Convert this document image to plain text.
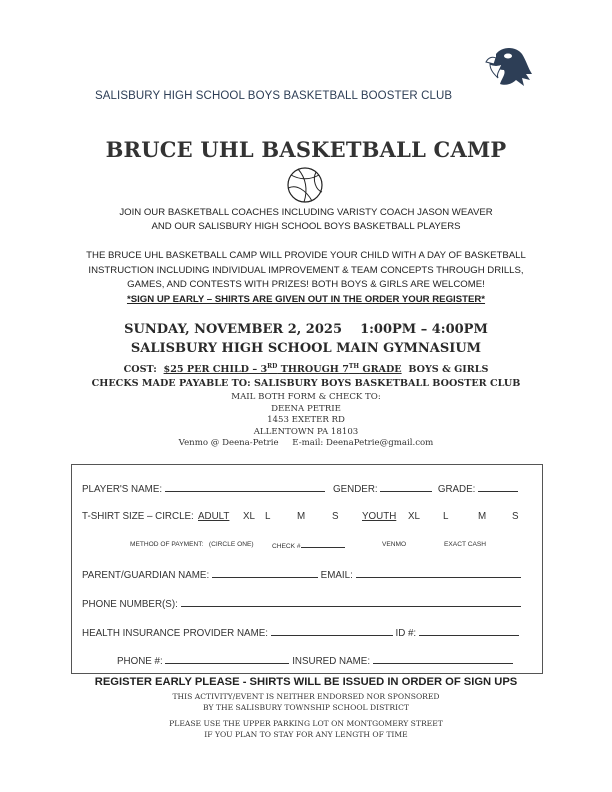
SALISBURY HIGH SCHOOL BOYS BASKETBALL BOOSTER CLUB
BRUCE UHL BASKETBALL CAMP
JOIN OUR BASKETBALL COACHES INCLUDING VARISTY COACH JASON WEAVER
AND OUR SALISBURY HIGH SCHOOL BOYS BASKETBALL PLAYERS
THE BRUCE UHL BASKETBALL CAMP WILL PROVIDE YOUR CHILD WITH A DAY OF BASKETBALL
INSTRUCTION INCLUDING INDIVIDUAL IMPROVEMENT & TEAM CONCEPTS THROUGH DRILLS,
GAMES, AND CONTESTS WITH PRIZES! BOTH BOYS & GIRLS ARE WELCOME!
*SIGN UP EARLY – SHIRTS ARE GIVEN OUT IN THE ORDER YOUR REGISTER*
SUNDAY, NOVEMBER 2, 2025    1:00PM – 4:00PM
SALISBURY HIGH SCHOOL MAIN GYMNASIUM
COST: $25 PER CHILD – 3RD THROUGH 7TH GRADE BOYS & GIRLS
CHECKS MADE PAYABLE TO: SALISBURY BOYS BASKETBALL BOOSTER CLUB
MAIL BOTH FORM & CHECK TO:
DEENA PETRIE
1453 EXETER RD
ALLENTOWN PA 18103
Venmo @ Deena-Petrie E-mail: DeenaPetrie@gmail.com
PLAYER'S NAME:	GENDER:	GRADE:
T-SHIRT SIZE – CIRCLE: ADULT XL L	M	S YOUTH XL L	M	S
METHOD OF PAYMENT:   (CIRCLE ONE)	CHECK #	VENMO	EXACT CASH
PARENT/GUARDIAN NAME:	EMAIL:
PHONE NUMBER(S):
HEALTH INSURANCE PROVIDER NAME:	ID #:
PHONE #:	INSURED NAME:
REGISTER EARLY PLEASE - SHIRTS WILL BE ISSUED IN ORDER OF SIGN UPS
THIS ACTIVITY/EVENT IS NEITHER ENDORSED NOR SPONSORED
BY THE SALISBURY TOWNSHIP SCHOOL DISTRICT
PLEASE USE THE UPPER PARKING LOT ON MONTGOMERY STREET
IF YOU PLAN TO STAY FOR ANY LENGTH OF TIME
